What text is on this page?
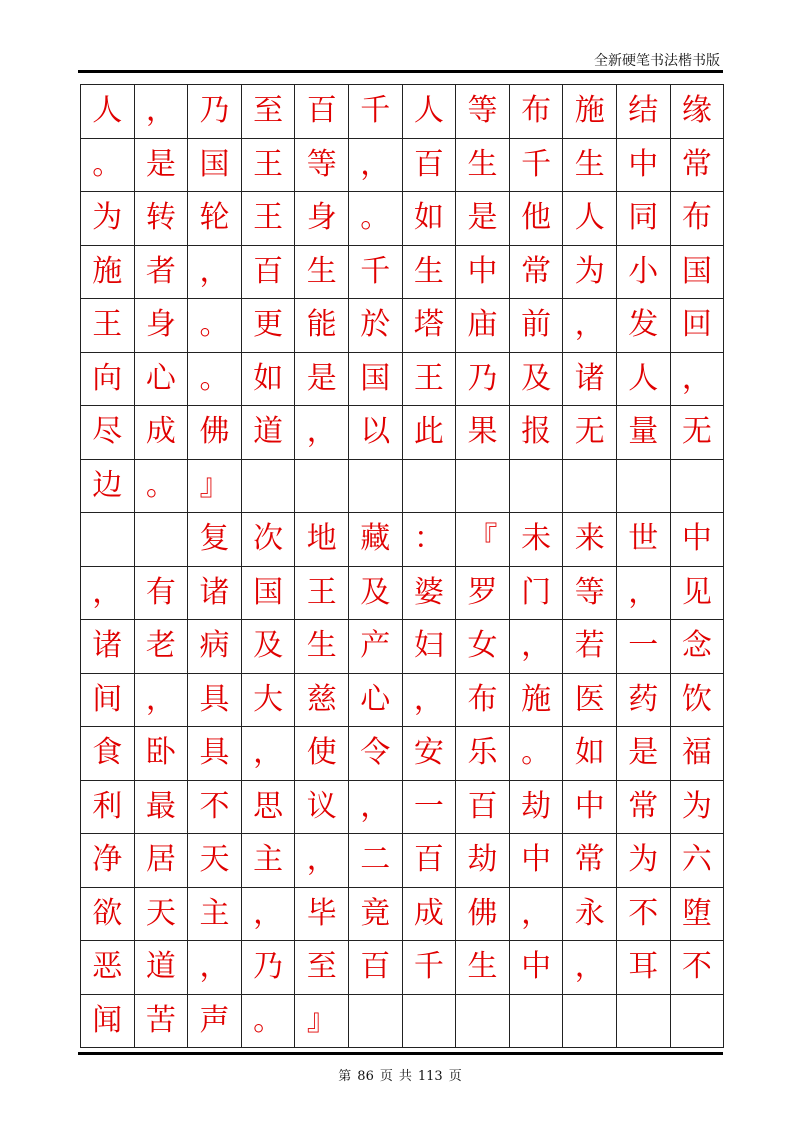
全新硬笔书法楷书版
人 ， 乃 至 百 千 人 等 布 施 结 缘
。 是 国 王 等 ， 百 生 千 生 中 常
为 转 轮 王 身 。 如 是 他 人 同 布
施 者 ， 百 生 千 生 中 常 为 小 国
王 身 。 更 能 於 塔 庙 前 ， 发 回
向 心 。 如 是 国 王 乃 及 诸 人 ，
尽 成 佛 道 ， 以 此 果 报 无 量 无
边 。 』
复 次 地 藏 ： 『 未 来 世 中
， 有 诸 国 王 及 婆 罗 门 等 ， 见
诸 老 病 及 生 产 妇 女 ， 若 一 念
间 ， 具 大 慈 心 ， 布 施 医 药 饮
食 卧 具 ， 使 令 安 乐 。 如 是 福
利 最 不 思 议 ， 一 百 劫 中 常 为
净 居 天 主 ， 二 百 劫 中 常 为 六
欲 天 主 ， 毕 竟 成 佛 ， 永 不 堕
恶 道 ， 乃 至 百 千 生 中 ， 耳 不
闻 苦 声 。 』
第 86 页 共 113 页
